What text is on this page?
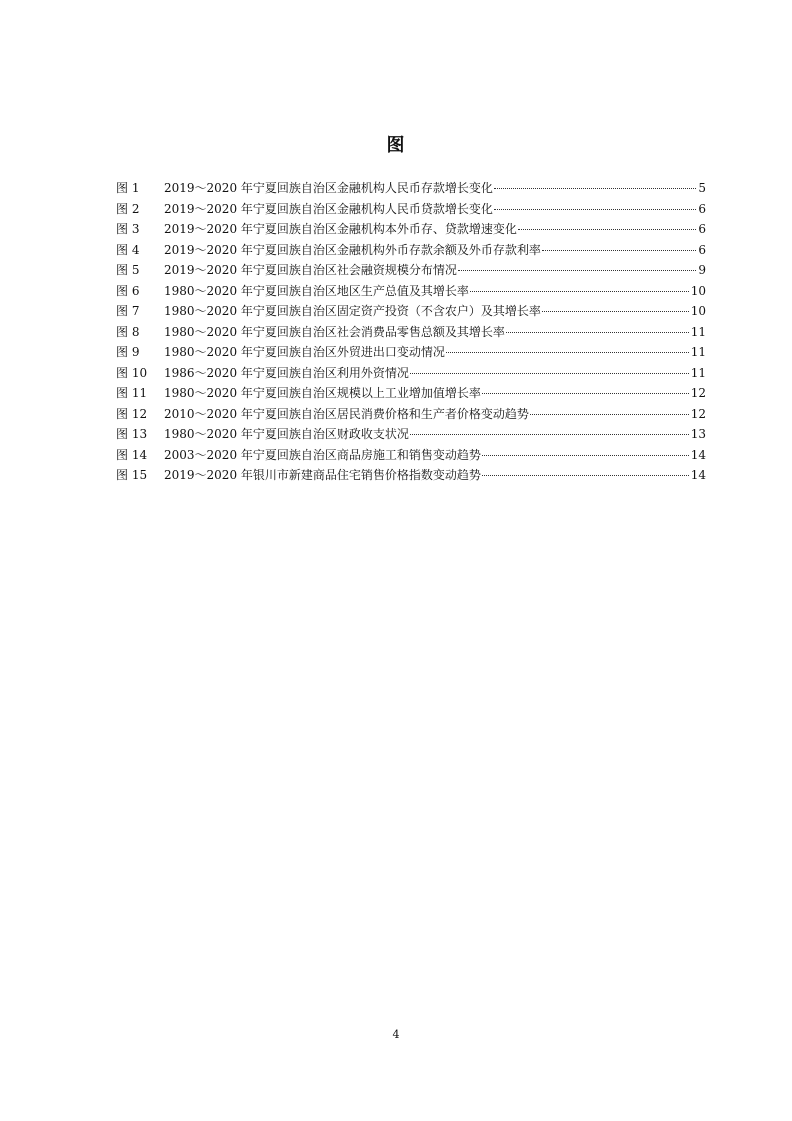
图
图 1	2019～2020 年宁夏回族自治区金融机构人民币存款增长变化	5
图 2	2019～2020 年宁夏回族自治区金融机构人民币贷款增长变化	6
图 3	2019～2020 年宁夏回族自治区金融机构本外币存、贷款增速变化	6
图 4	2019～2020 年宁夏回族自治区金融机构外币存款余额及外币存款利率	6
图 5	2019～2020 年宁夏回族自治区社会融资规模分布情况	9
图 6	1980～2020 年宁夏回族自治区地区生产总值及其增长率	10
图 7	1980～2020 年宁夏回族自治区固定资产投资（不含农户）及其增长率	10
图 8	1980～2020 年宁夏回族自治区社会消费品零售总额及其增长率	11
图 9	1980～2020 年宁夏回族自治区外贸进出口变动情况	11
图 10	1986～2020 年宁夏回族自治区利用外资情况	11
图 11	1980～2020 年宁夏回族自治区规模以上工业增加值增长率	12
图 12	2010～2020 年宁夏回族自治区居民消费价格和生产者价格变动趋势	12
图 13	1980～2020 年宁夏回族自治区财政收支状况	13
图 14	2003～2020 年宁夏回族自治区商品房施工和销售变动趋势	14
图 15	2019～2020 年银川市新建商品住宅销售价格指数变动趋势	14
4
